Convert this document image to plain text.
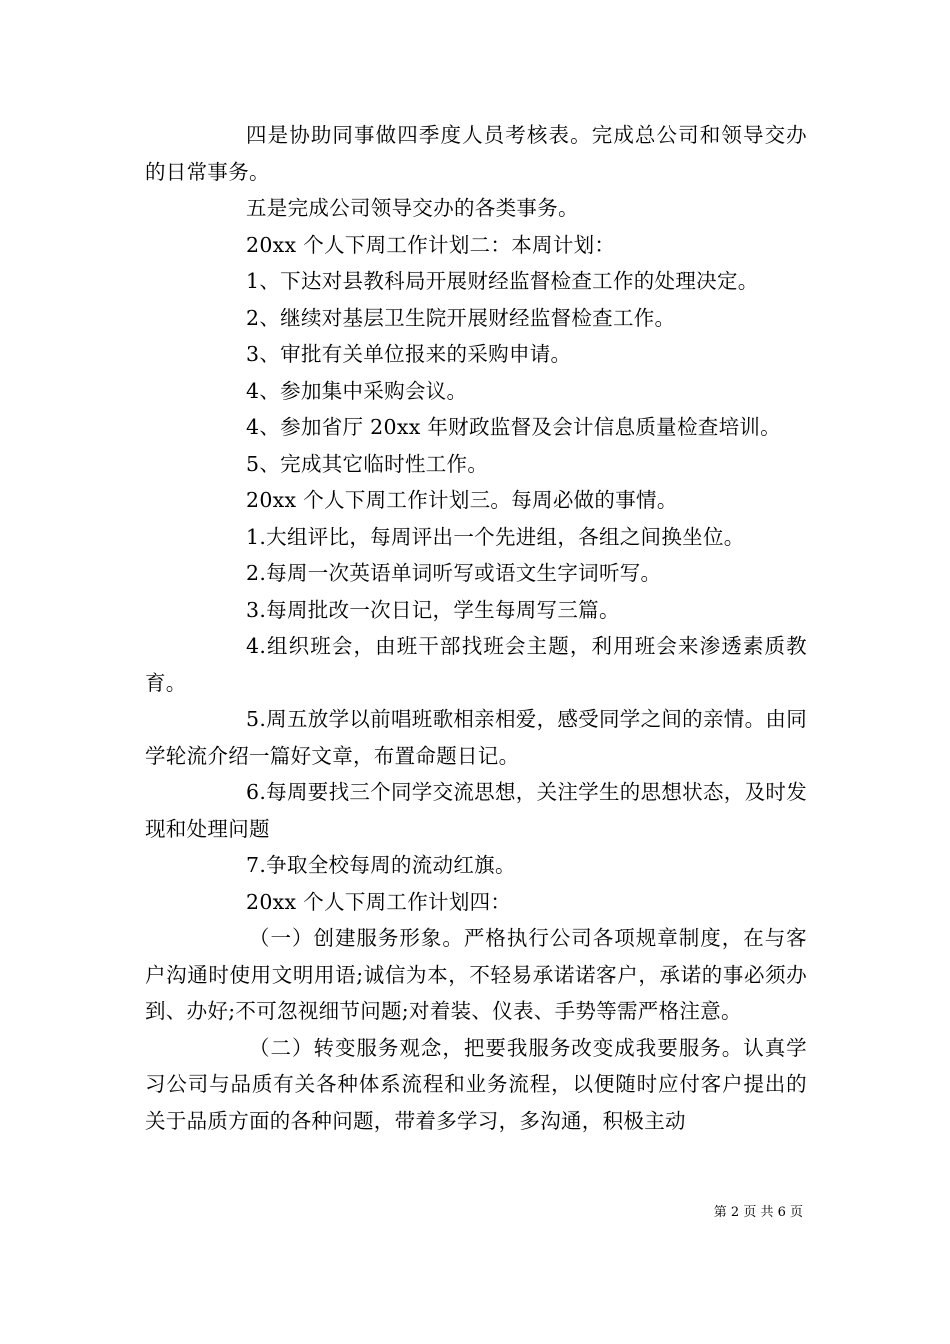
四是协助同事做四季度人员考核表。完成总公司和领导交办的日常事务。

五是完成公司领导交办的各类事务。

20xx 个人下周工作计划二：本周计划：

1、下达对县教科局开展财经监督检查工作的处理决定。

2、继续对基层卫生院开展财经监督检查工作。

3、审批有关单位报来的采购申请。

4、参加集中采购会议。

4、参加省厅 20xx 年财政监督及会计信息质量检查培训。

5、完成其它临时性工作。

20xx 个人下周工作计划三。每周必做的事情。

1.大组评比，每周评出一个先进组，各组之间换坐位。

2.每周一次英语单词听写或语文生字词听写。

3.每周批改一次日记，学生每周写三篇。

4.组织班会，由班干部找班会主题，利用班会来渗透素质教育。

5.周五放学以前唱班歌相亲相爱，感受同学之间的亲情。由同学轮流介绍一篇好文章，布置命题日记。

6.每周要找三个同学交流思想，关注学生的思想状态，及时发现和处理问题

7.争取全校每周的流动红旗。

20xx 个人下周工作计划四：

（一）创建服务形象。严格执行公司各项规章制度，在与客户沟通时使用文明用语;诚信为本，不轻易承诺诺客户，承诺的事必须办到、办好;不可忽视细节问题;对着装、仪表、手势等需严格注意。

（二）转变服务观念，把要我服务改变成我要服务。认真学习公司与品质有关各种体系流程和业务流程，以便随时应付客户提出的关于品质方面的各种问题，带着多学习，多沟通，积极主动

第 2 页 共 6 页
